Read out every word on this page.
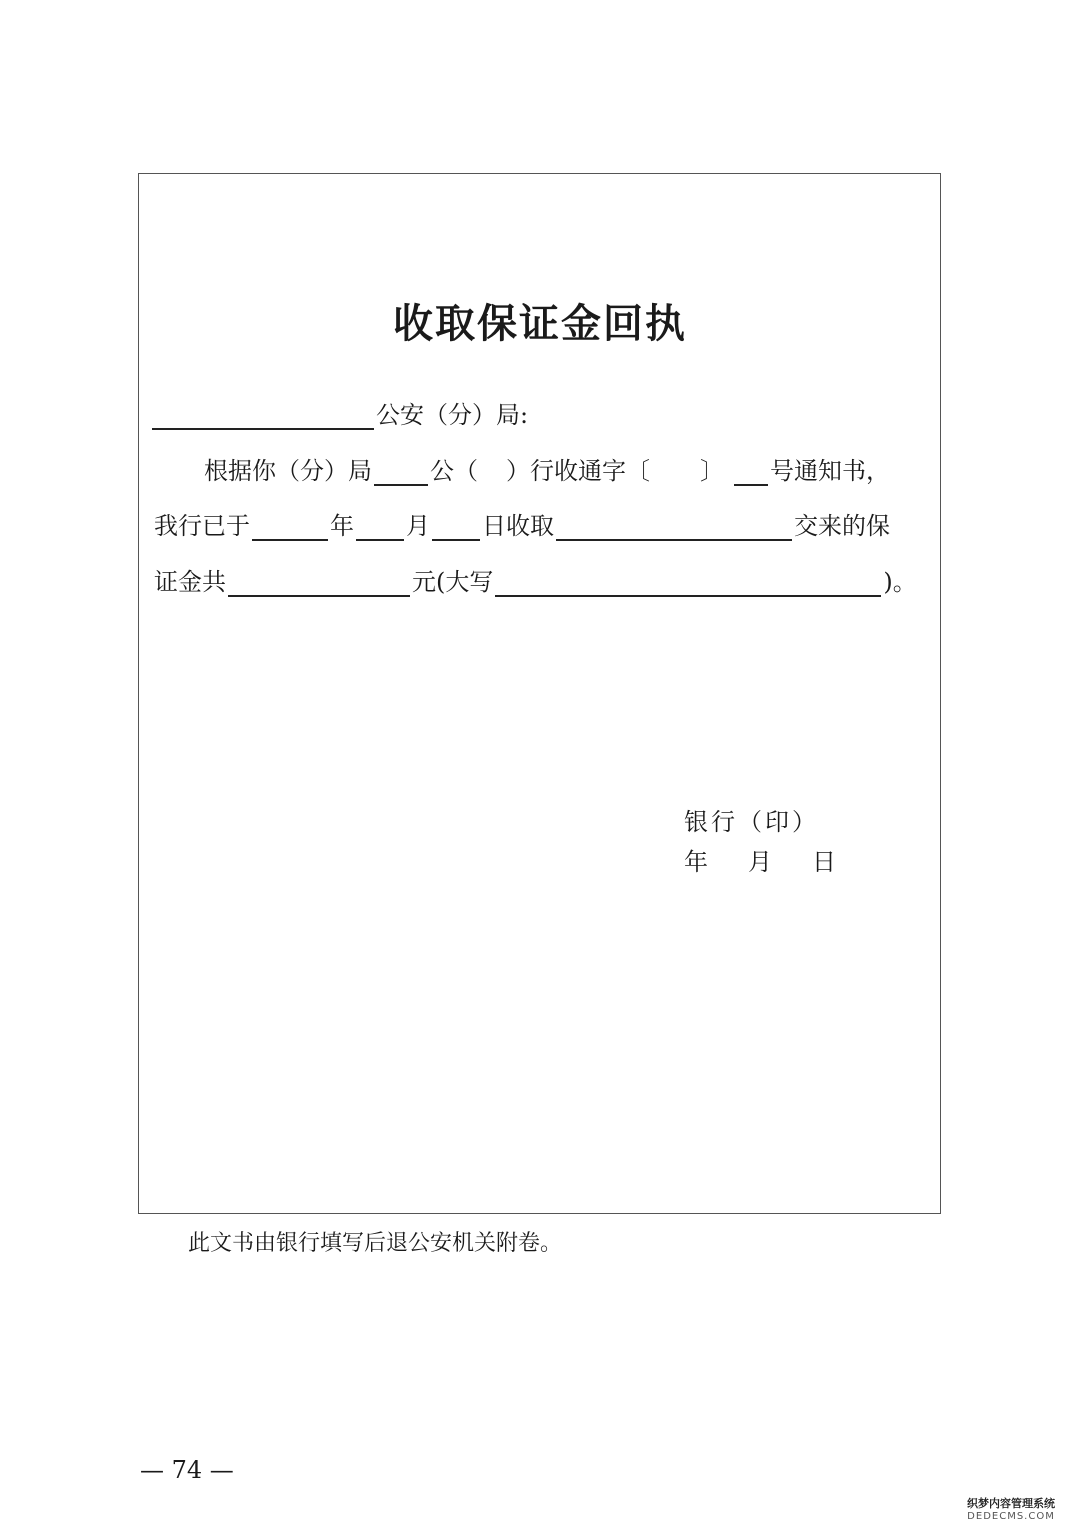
收取保证金回执
公安（分）局:
根据你（分）局 公（ ）行收通字〔 〕 号通知书，
我行已于	年 月 日收取	交来的保
证金共	元( 大写	)。
银行（印）
年　月　日
此文书由银行填写后退公安机关附卷。
— 74 —
织梦内容管理系统
DEDECMS.COM
